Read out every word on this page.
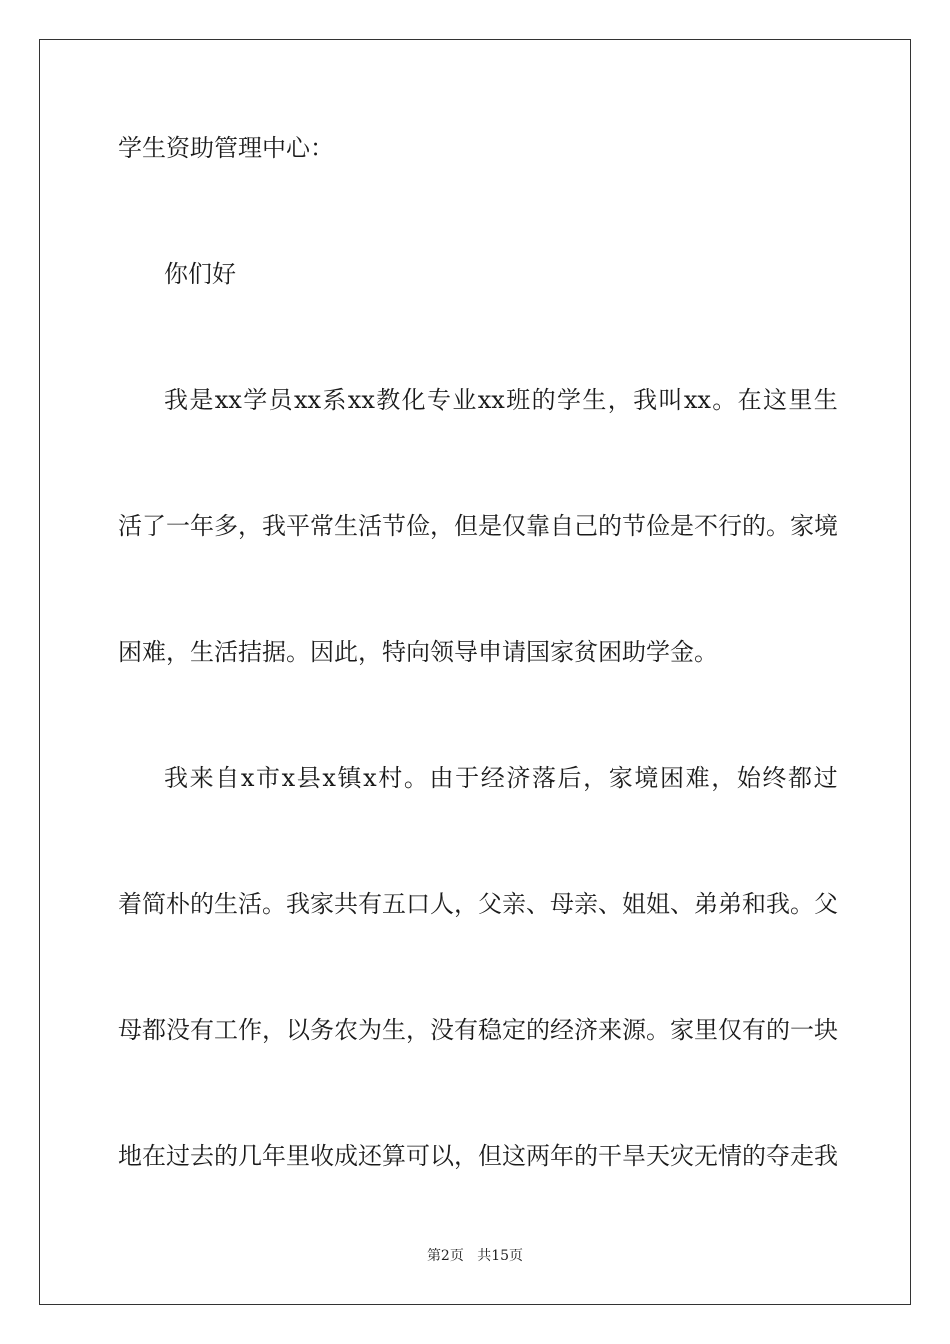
学生资助管理中心：
你们好
我 是 xx 学 员 xx 系 xx 教 化 专 业 xx 班 的 学 生 ， 我 叫 xx 。 在 这 里 生
活 了 一 年 多 ， 我 平 常 生 活 节 俭 ， 但 是 仅 靠 自 己 的 节 俭 是 不 行 的 。 家 境
困难，生活拮据。因此，特向领导申请国家贫困助学金。
我 来 自 x 市 x 县 x 镇 x 村 。 由 于 经 济 落 后 ， 家 境 困 难 ， 始 终 都 过
着 简 朴 的 生 活 。 我 家 共 有 五 口 人 ， 父 亲 、 母 亲 、 姐 姐 、 弟 弟 和 我 。 父
母 都 没 有 工 作 ， 以 务 农 为 生 ， 没 有 稳 定 的 经 济 来 源 。 家 里 仅 有 的 一 块
地 在 过 去 的 几 年 里 收 成 还 算 可 以 ， 但 这 两 年 的 干 旱 天 灾 无 情 的 夺 走 我
第2页 共15页
